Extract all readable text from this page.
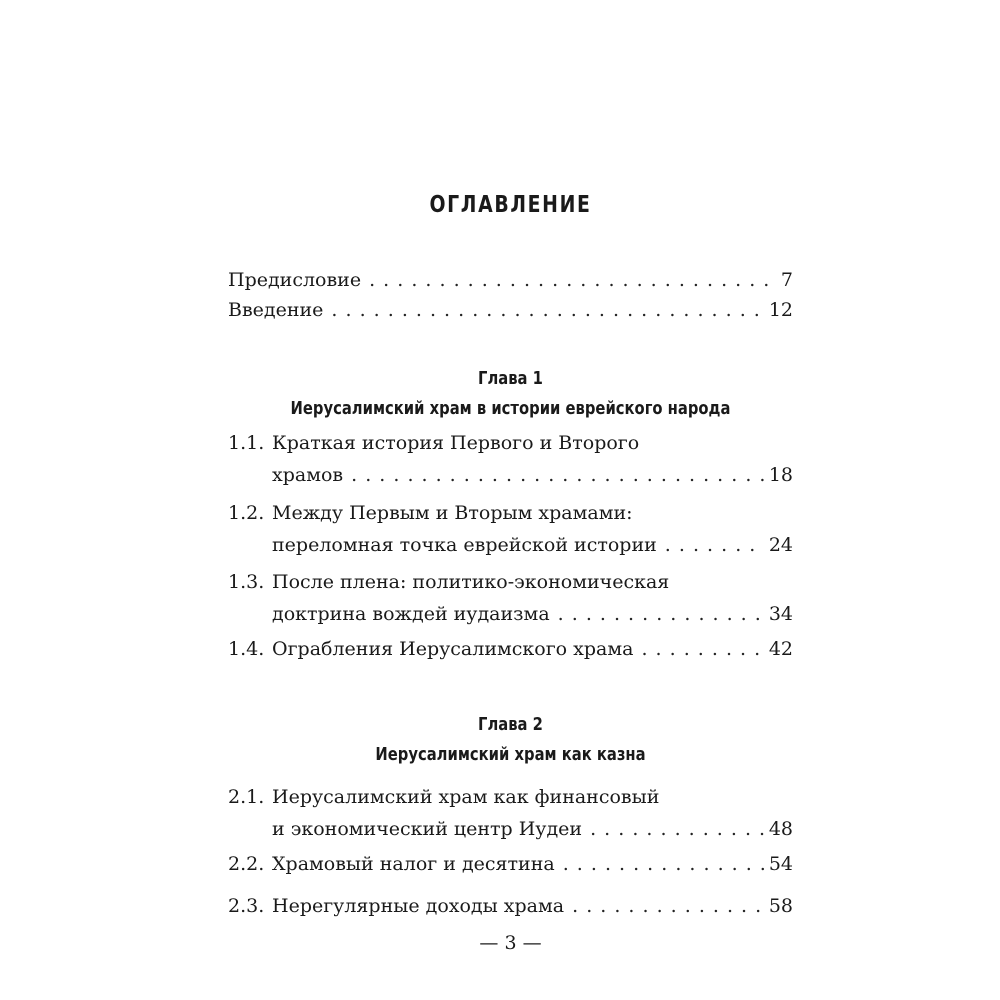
ОГЛАВЛЕНИЕ
Предисловие . . .	7
Введение . . .	12
Глава 1
Иерусалимский храм в истории еврейского народа
1.1. Краткая история Первого и Второго
храмов . . .	18
1.2. Между Первым и Вторым храмами:
переломная точка еврейской истории . . .	24
1.3. После плена: политико-экономическая
доктрина вождей иудаизма . . .	34
1.4. Ограбления Иерусалимского храма . . .	42
Глава 2
Иерусалимский храм как казна
2.1. Иерусалимский храм как финансовый
и экономический центр Иудеи . . .	48
2.2. Храмовый налог и десятина . . .	54
2.3. Нерегулярные доходы храма . . .	58
— 3 —
